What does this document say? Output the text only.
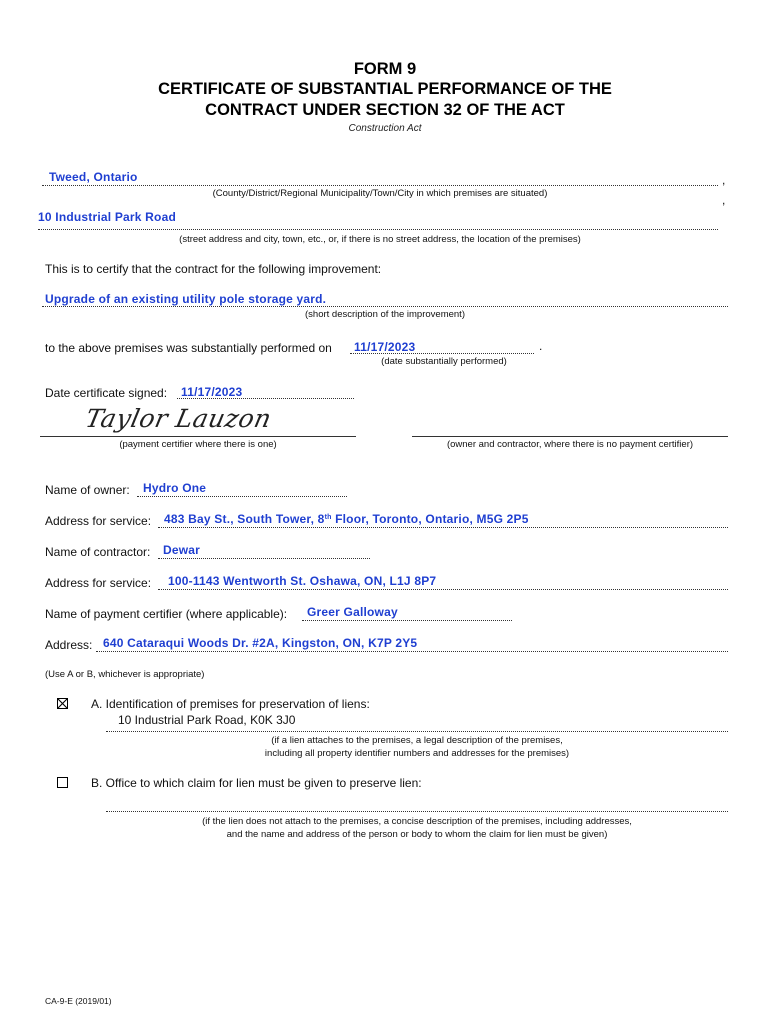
FORM 9
CERTIFICATE OF SUBSTANTIAL PERFORMANCE OF THE
CONTRACT UNDER SECTION 32 OF THE ACT
Construction Act
Tweed, Ontario	,
(County/District/Regional Municipality/Town/City in which premises are situated)	,
10 Industrial Park Road
(street address and city, town, etc., or, if there is no street address, the location of the premises)
This is to certify that the contract for the following improvement:
Upgrade of an existing utility pole storage yard.
(short description of the improvement)
to the above premises was substantially performed on 11/17/2023	.
(date substantially performed)
Date certificate signed: 11/17/2023
Taylor Lauzon
(payment certifier where there is one)	(owner and contractor, where there is no payment certifier)
Name of owner: Hydro One
Address for service: 483 Bay St., South Tower, 8th Floor, Toronto, Ontario, M5G 2P5
Name of contractor: Dewar
Address for service: 100-1143 Wentworth St. Oshawa, ON, L1J 8P7
Name of payment certifier (where applicable): Greer Galloway
Address: 640 Cataraqui Woods Dr. #2A, Kingston, ON, K7P 2Y5
(Use A or B, whichever is appropriate)
A. Identification of premises for preservation of liens:
10 Industrial Park Road, K0K 3J0
(if a lien attaches to the premises, a legal description of the premises,
including all property identifier numbers and addresses for the premises)
B. Office to which claim for lien must be given to preserve lien:
(if the lien does not attach to the premises, a concise description of the premises, including addresses,
and the name and address of the person or body to whom the claim for lien must be given)
CA-9-E (2019/01)
